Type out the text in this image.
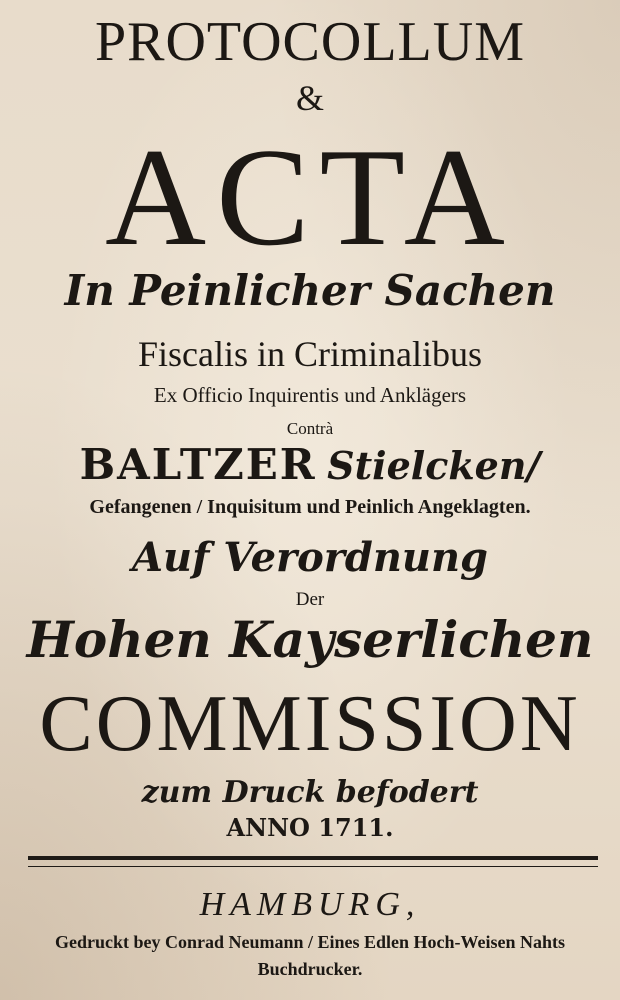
PROTOCOLLUM
&
ACTA
In Peinlicher Sachen
Fiscalis in Criminalibus
Ex Officio Inquirentis und Anklägers
Contrà
BALTZER Stielcken/
Gefangenen / Inquisitum und Peinlich Angeklagten.
Auf Verordnung
Der
Hohen Kayserlichen
COMMISSION
zum Druck befodert
ANNO 1711.
HAMBURG,
Gedruckt bey Conrad Neumann / Eines Edlen Hoch-Weisen Nahts
Buchdrucker.
